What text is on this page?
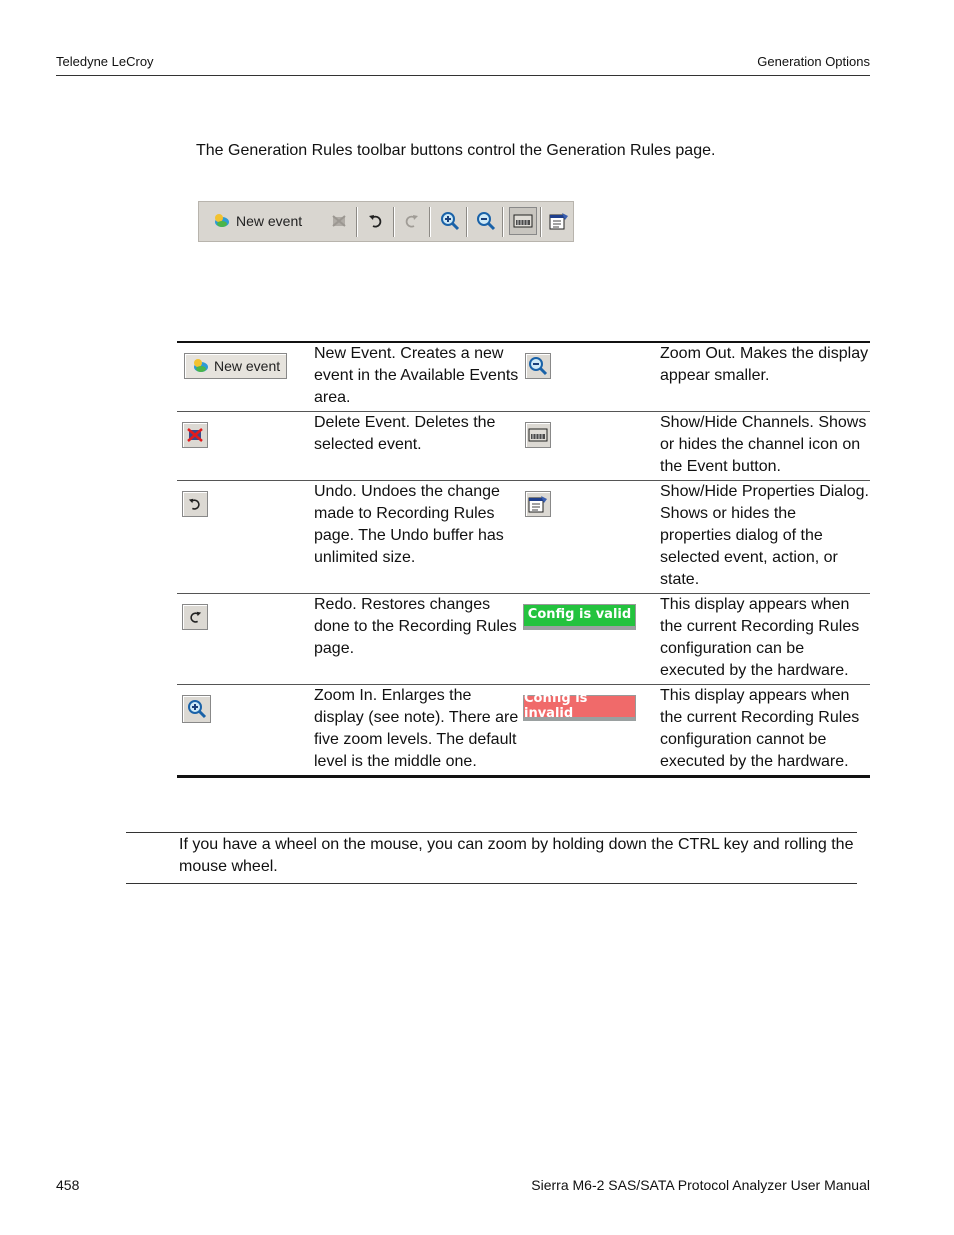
Teledyne LeCroy	Generation Options
The Generation Rules toolbar buttons control the Generation Rules page.
New event
New event
New Event. Creates a new event in the Available Events area.
Zoom Out. Makes the display appear smaller.
Delete Event. Deletes the selected event.
Show/Hide Channels. Shows or hides the channel icon on the Event button.
Undo. Undoes the change made to Recording Rules page. The Undo buffer has unlimited size.
Show/Hide Properties Dialog. Shows or hides the properties dialog of the selected event, action, or state.
Redo. Restores changes done to the Recording Rules page.
Config is valid
This display appears when the current Recording Rules configuration can be executed by the hardware.
Zoom In. Enlarges the display (see note). There are five zoom levels. The default level is the middle one.
Config is invalid
This display appears when the current Recording Rules configuration cannot be executed by the hardware.
If you have a wheel on the mouse, you can zoom by holding down the CTRL key and rolling the mouse wheel.
458	Sierra M6-2 SAS/SATA Protocol Analyzer User Manual
